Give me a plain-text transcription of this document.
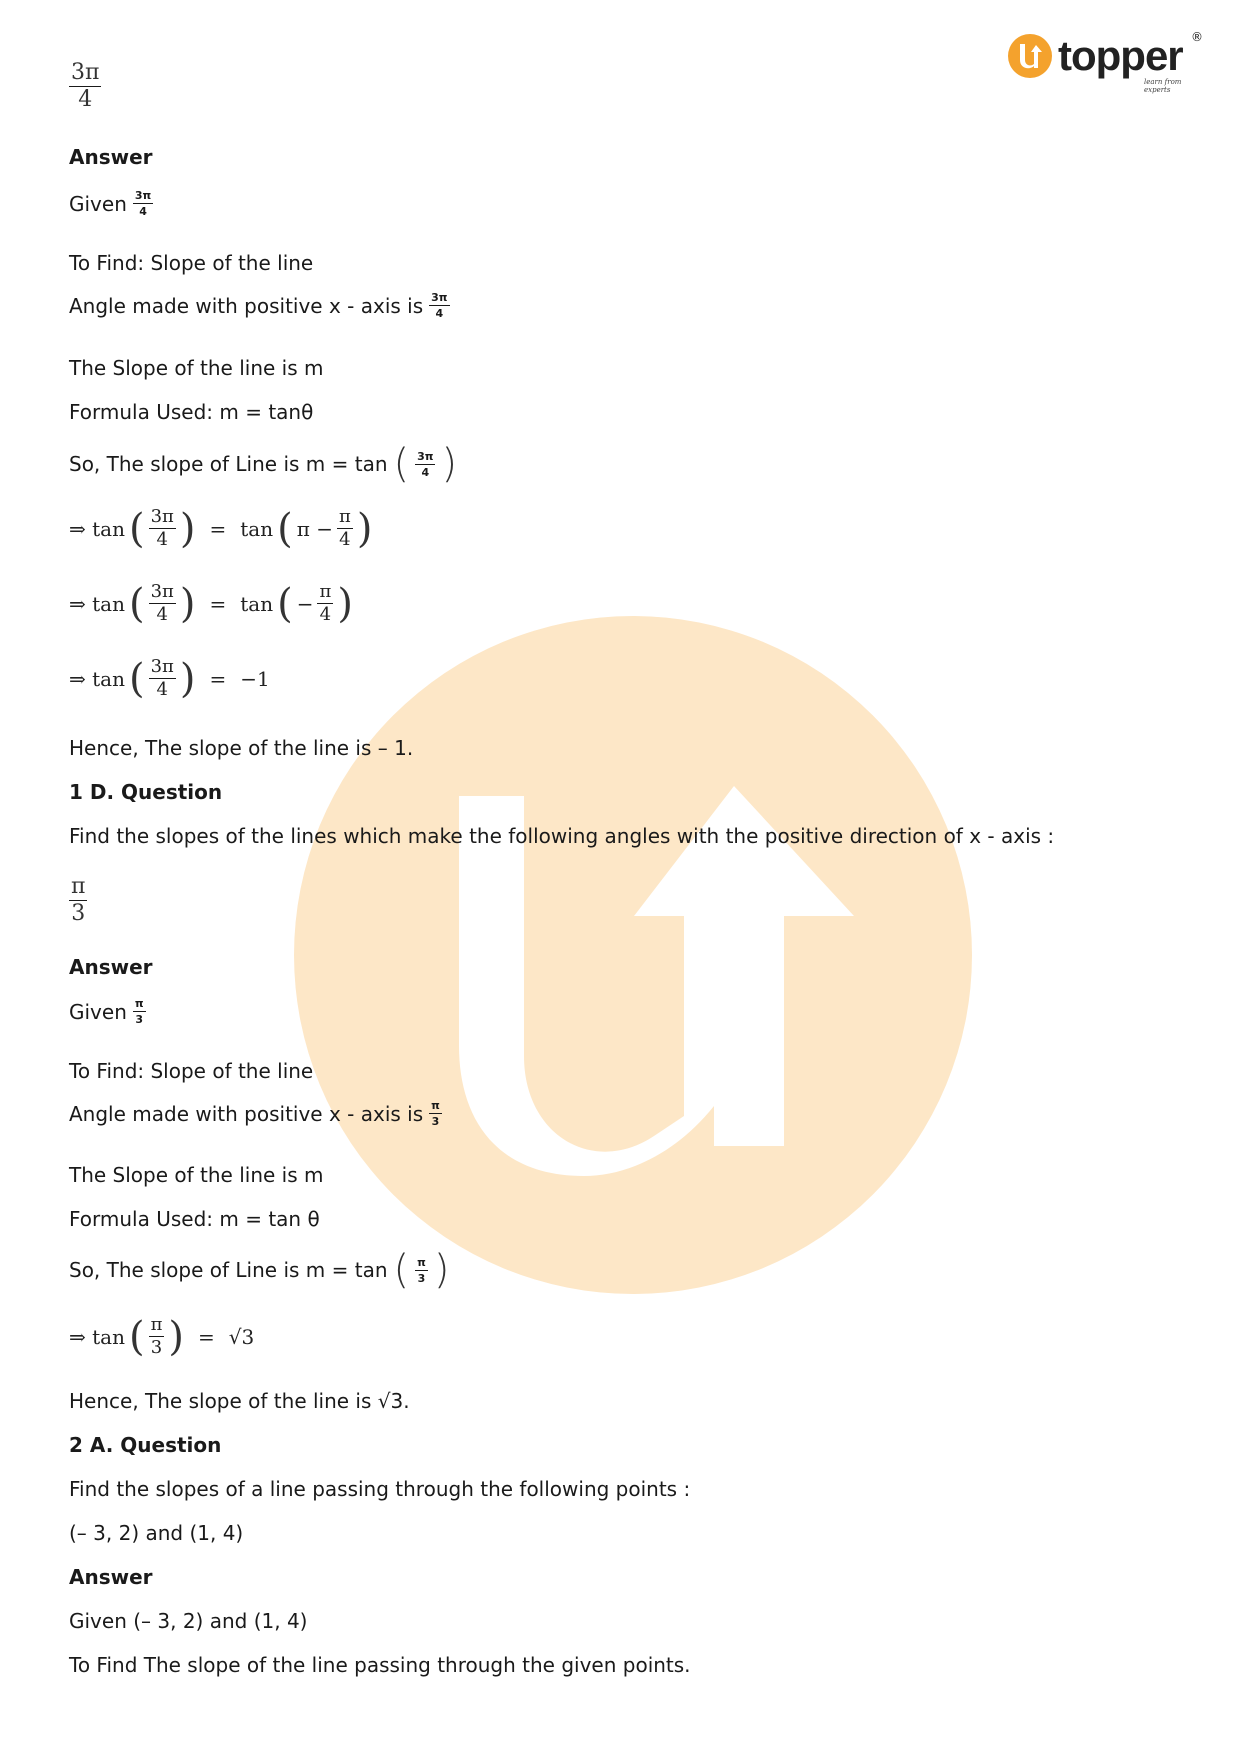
topper
learn from experts
®
$\frac{3\pi}{4}$
Answer
Given $\frac{3\pi}{4}$
To Find: Slope of the line
Angle made with positive x - axis is $\frac{3\pi}{4}$
The Slope of the line is m
Formula Used: m = tanθ
So, The slope of Line is m = tan ( $\frac{3\pi}{4}$ )
⇒ tan ( $\frac{3\pi}{4}$ ) = tan ( $\pi - \frac{\pi}{4}$ )
⇒ tan ( $\frac{3\pi}{4}$ ) = tan ( − $\frac{\pi}{4}$ )
⇒ tan ( $\frac{3\pi}{4}$ ) = −1
Hence, The slope of the line is – 1.
1 D. Question
Find the slopes of the lines which make the following angles with the positive direction of x - axis :
$\frac{\pi}{3}$
Answer
Given $\frac{\pi}{3}$
To Find: Slope of the line
Angle made with positive x - axis is $\frac{\pi}{3}$
The Slope of the line is m
Formula Used: m = tan θ
So, The slope of Line is m = tan ( $\frac{\pi}{3}$ )
⇒ tan ( $\frac{\pi}{3}$ ) = √3
Hence, The slope of the line is √3.
2 A. Question
Find the slopes of a line passing through the following points :
(– 3, 2) and (1, 4)
Answer
Given (– 3, 2) and (1, 4)
To Find The slope of the line passing through the given points.
